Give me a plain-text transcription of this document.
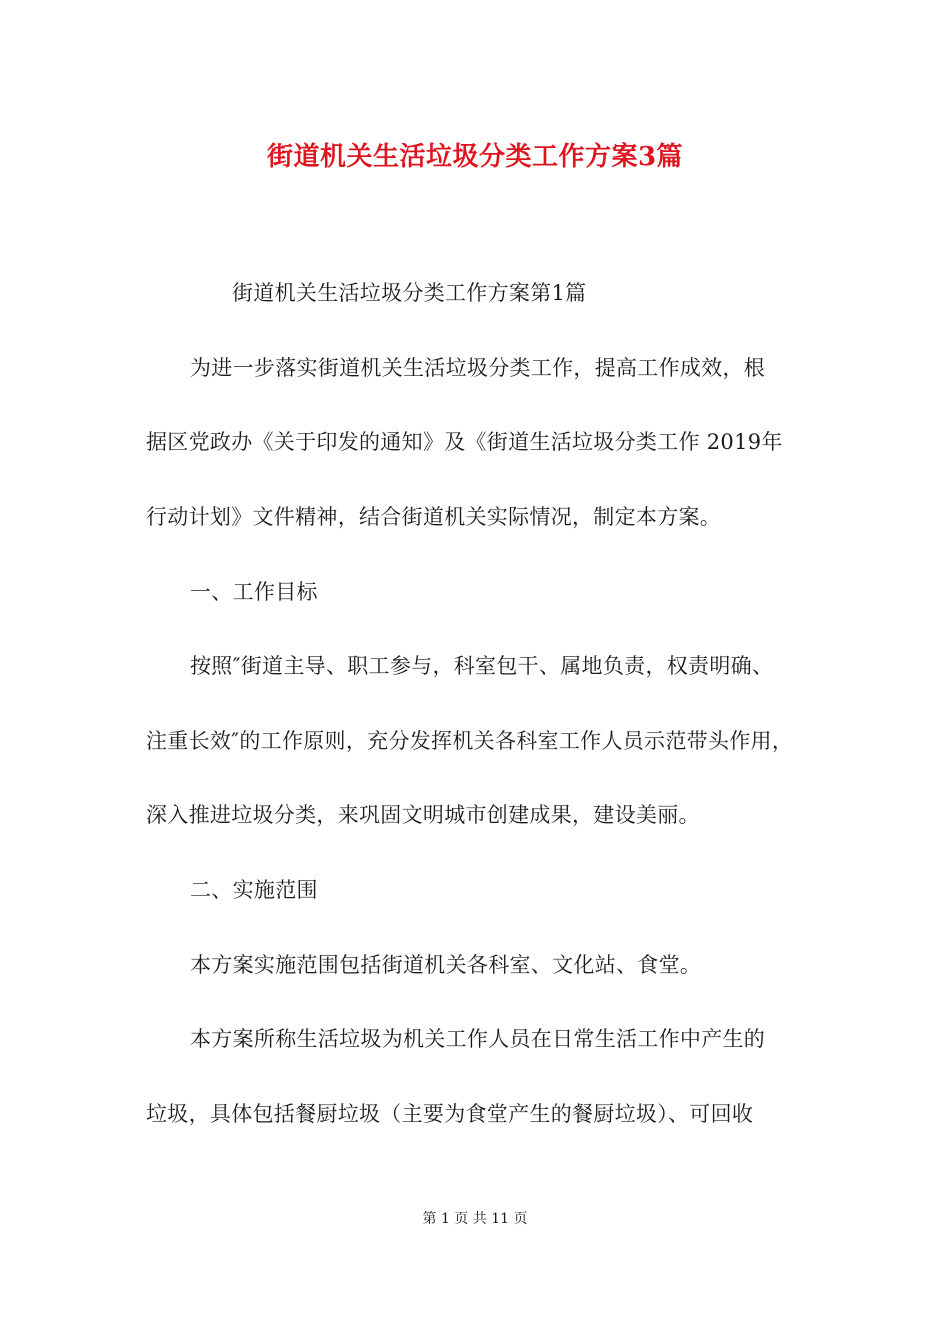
街道机关生活垃圾分类工作方案3篇
街道机关生活垃圾分类工作方案第1篇
为进一步落实街道机关生活垃圾分类工作，提高工作成效，根
据区党政办《关于印发的通知》及《街道生活垃圾分类工作 2019年
行动计划》文件精神，结合街道机关实际情况，制定本方案。
一、工作目标
按照″街道主导、职工参与，科室包干、属地负责，权责明确、
注重长效″的工作原则，充分发挥机关各科室工作人员示范带头作用，
深入推进垃圾分类，来巩固文明城市创建成果，建设美丽。
二、实施范围
本方案实施范围包括街道机关各科室、文化站、食堂。
本方案所称生活垃圾为机关工作人员在日常生活工作中产生的
垃圾，具体包括餐厨垃圾（主要为食堂产生的餐厨垃圾）、可回收
第 1 页 共 11 页
